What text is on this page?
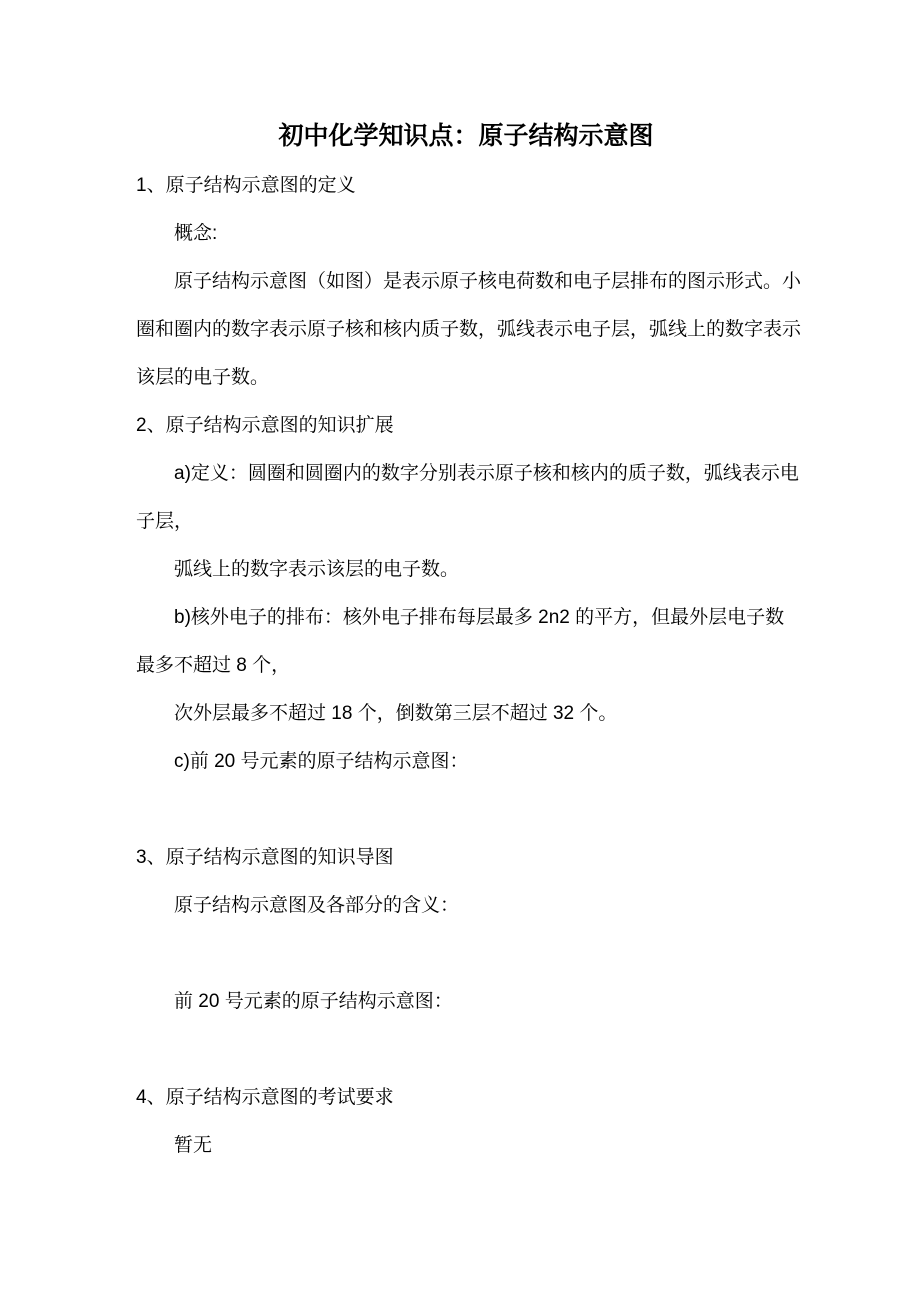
初中化学知识点：原子结构示意图
1、原子结构示意图的定义
概念:
原子结构示意图（如图）是表示原子核电荷数和电子层排布的图示形式。小
圈和圈内的数字表示原子核和核内质子数，弧线表示电子层，弧线上的数字表示
该层的电子数。
2、原子结构示意图的知识扩展
a)定义：圆圈和圆圈内的数字分别表示原子核和核内的质子数，弧线表示电
子层，
弧线上的数字表示该层的电子数。
b)核外电子的排布：核外电子排布每层最多 2n2 的平方，但最外层电子数
最多不超过 8 个，
次外层最多不超过 18 个，倒数第三层不超过 32 个。
c)前 20 号元素的原子结构示意图：
3、原子结构示意图的知识导图
原子结构示意图及各部分的含义：
前 20 号元素的原子结构示意图：
4、原子结构示意图的考试要求
暂无
